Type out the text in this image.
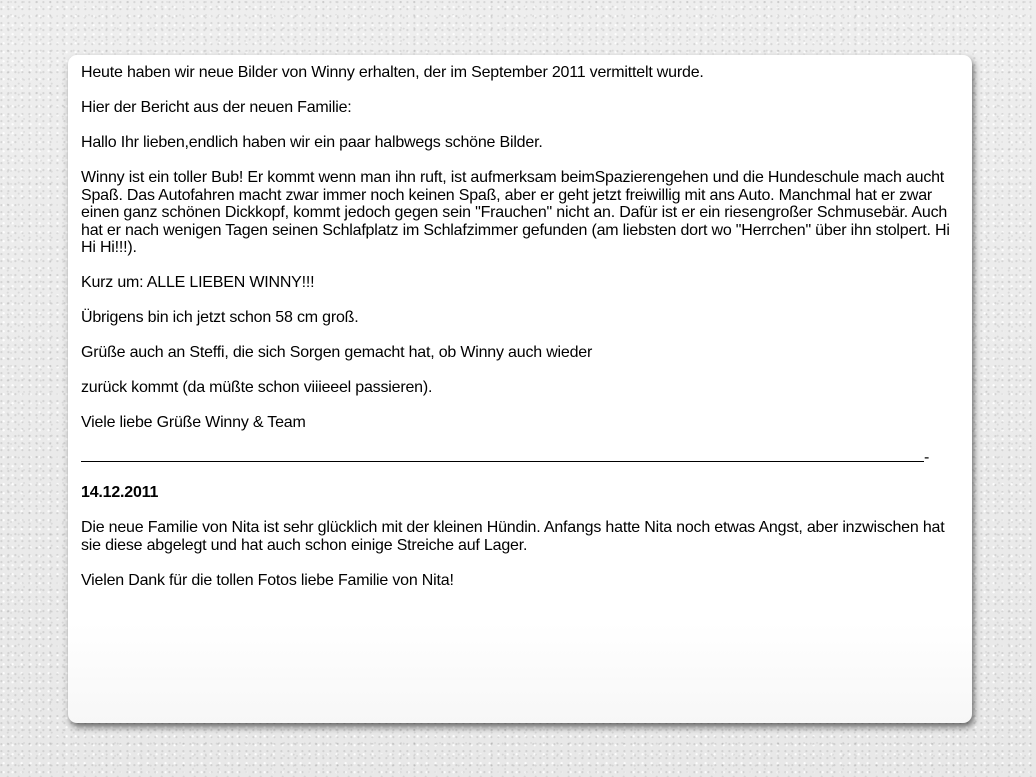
Heute haben wir neue Bilder von Winny erhalten, der im September 2011 vermittelt wurde.

Hier der Bericht aus der neuen Familie:

Hallo Ihr lieben,endlich haben wir ein paar halbwegs schöne Bilder.

Winny ist ein toller Bub! Er kommt wenn man ihn ruft, ist aufmerksam beimSpazierengehen und die Hundeschule mach aucht Spaß. Das Autofahren macht zwar immer noch keinen Spaß, aber er geht jetzt freiwillig mit ans Auto. Manchmal hat er zwar einen ganz schönen Dickkopf, kommt jedoch gegen sein "Frauchen" nicht an. Dafür ist er ein riesengroßer Schmusebär. Auch hat er nach wenigen Tagen seinen Schlafplatz im Schlafzimmer gefunden (am liebsten dort wo "Herrchen" über ihn stolpert. Hi Hi Hi!!!).

Kurz um: ALLE LIEBEN WINNY!!!

Übrigens bin ich jetzt schon 58 cm groß.

Grüße auch an Steffi, die sich Sorgen gemacht hat, ob Winny auch wieder

zurück kommt (da müßte schon viiieeel passieren).

Viele liebe Grüße Winny & Team

-

14.12.2011

Die neue Familie von Nita ist sehr glücklich mit der kleinen Hündin. Anfangs hatte Nita noch etwas Angst, aber inzwischen hat sie diese abgelegt und hat auch schon einige Streiche auf Lager.

Vielen Dank für die tollen Fotos liebe Familie von Nita!
